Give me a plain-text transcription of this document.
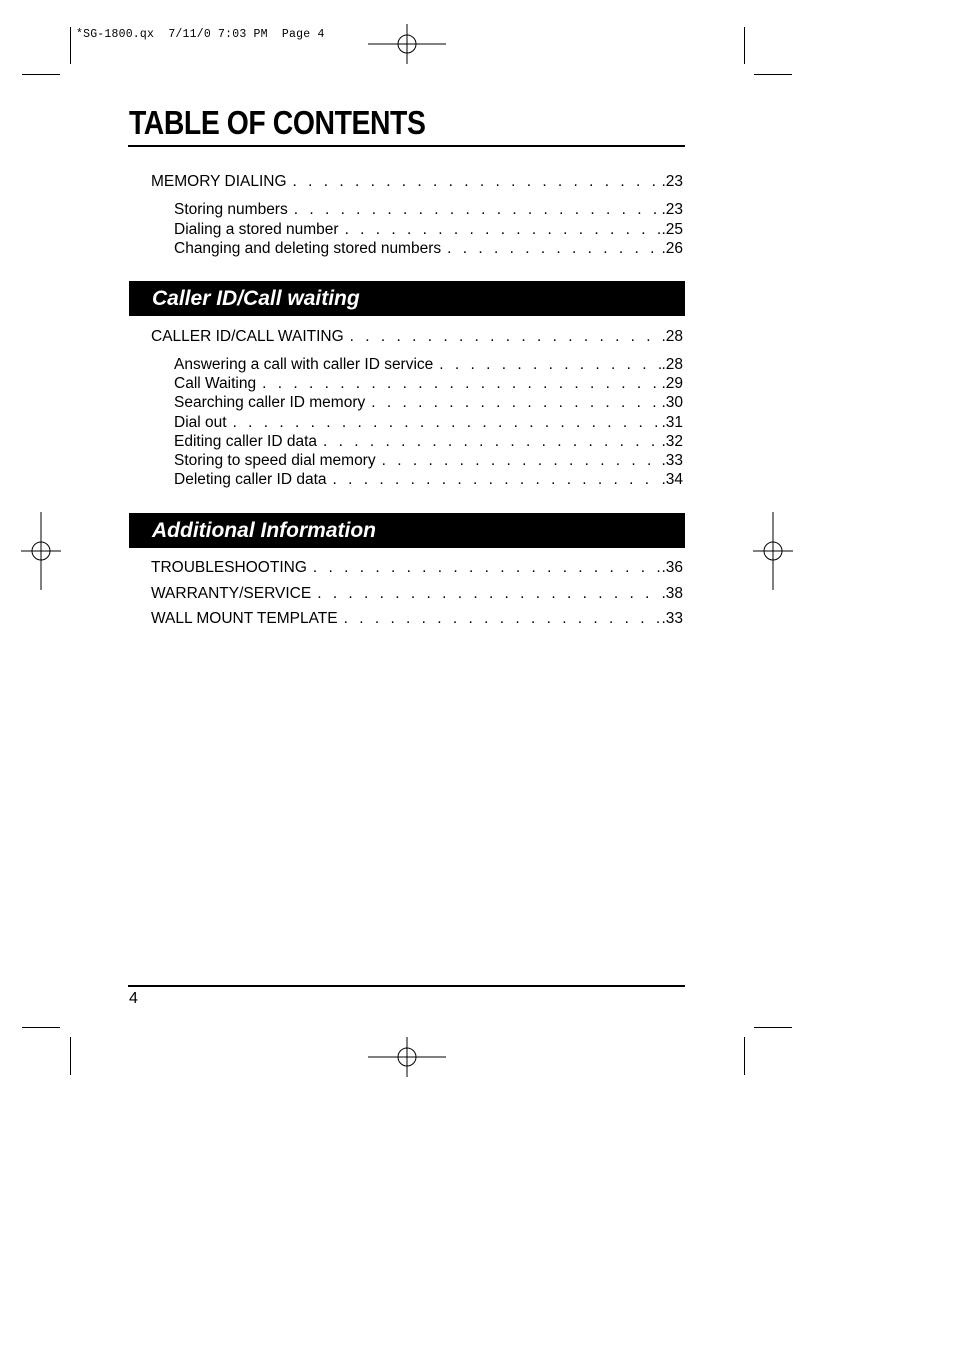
*SG-1800.qx  7/11/0 7:03 PM  Page 4
TABLE OF CONTENTS
MEMORY DIALING . . .	.23
Storing numbers . . .	.23
Dialing a stored number . . .	.25
Changing and deleting stored numbers . . .	.26
Caller ID/Call waiting
CALLER ID/CALL WAITING . . .	.28
Answering a call with caller ID service . . .	.28
Call Waiting . . .	.29
Searching caller ID memory . . .	.30
Dial out . . .	.31
Editing caller ID data . . .	.32
Storing to speed dial memory . . .	.33
Deleting caller ID data . . .	.34
Additional Information
TROUBLESHOOTING . . .	.36
WARRANTY/SERVICE . . .	.38
WALL MOUNT TEMPLATE . . .	.33
4
